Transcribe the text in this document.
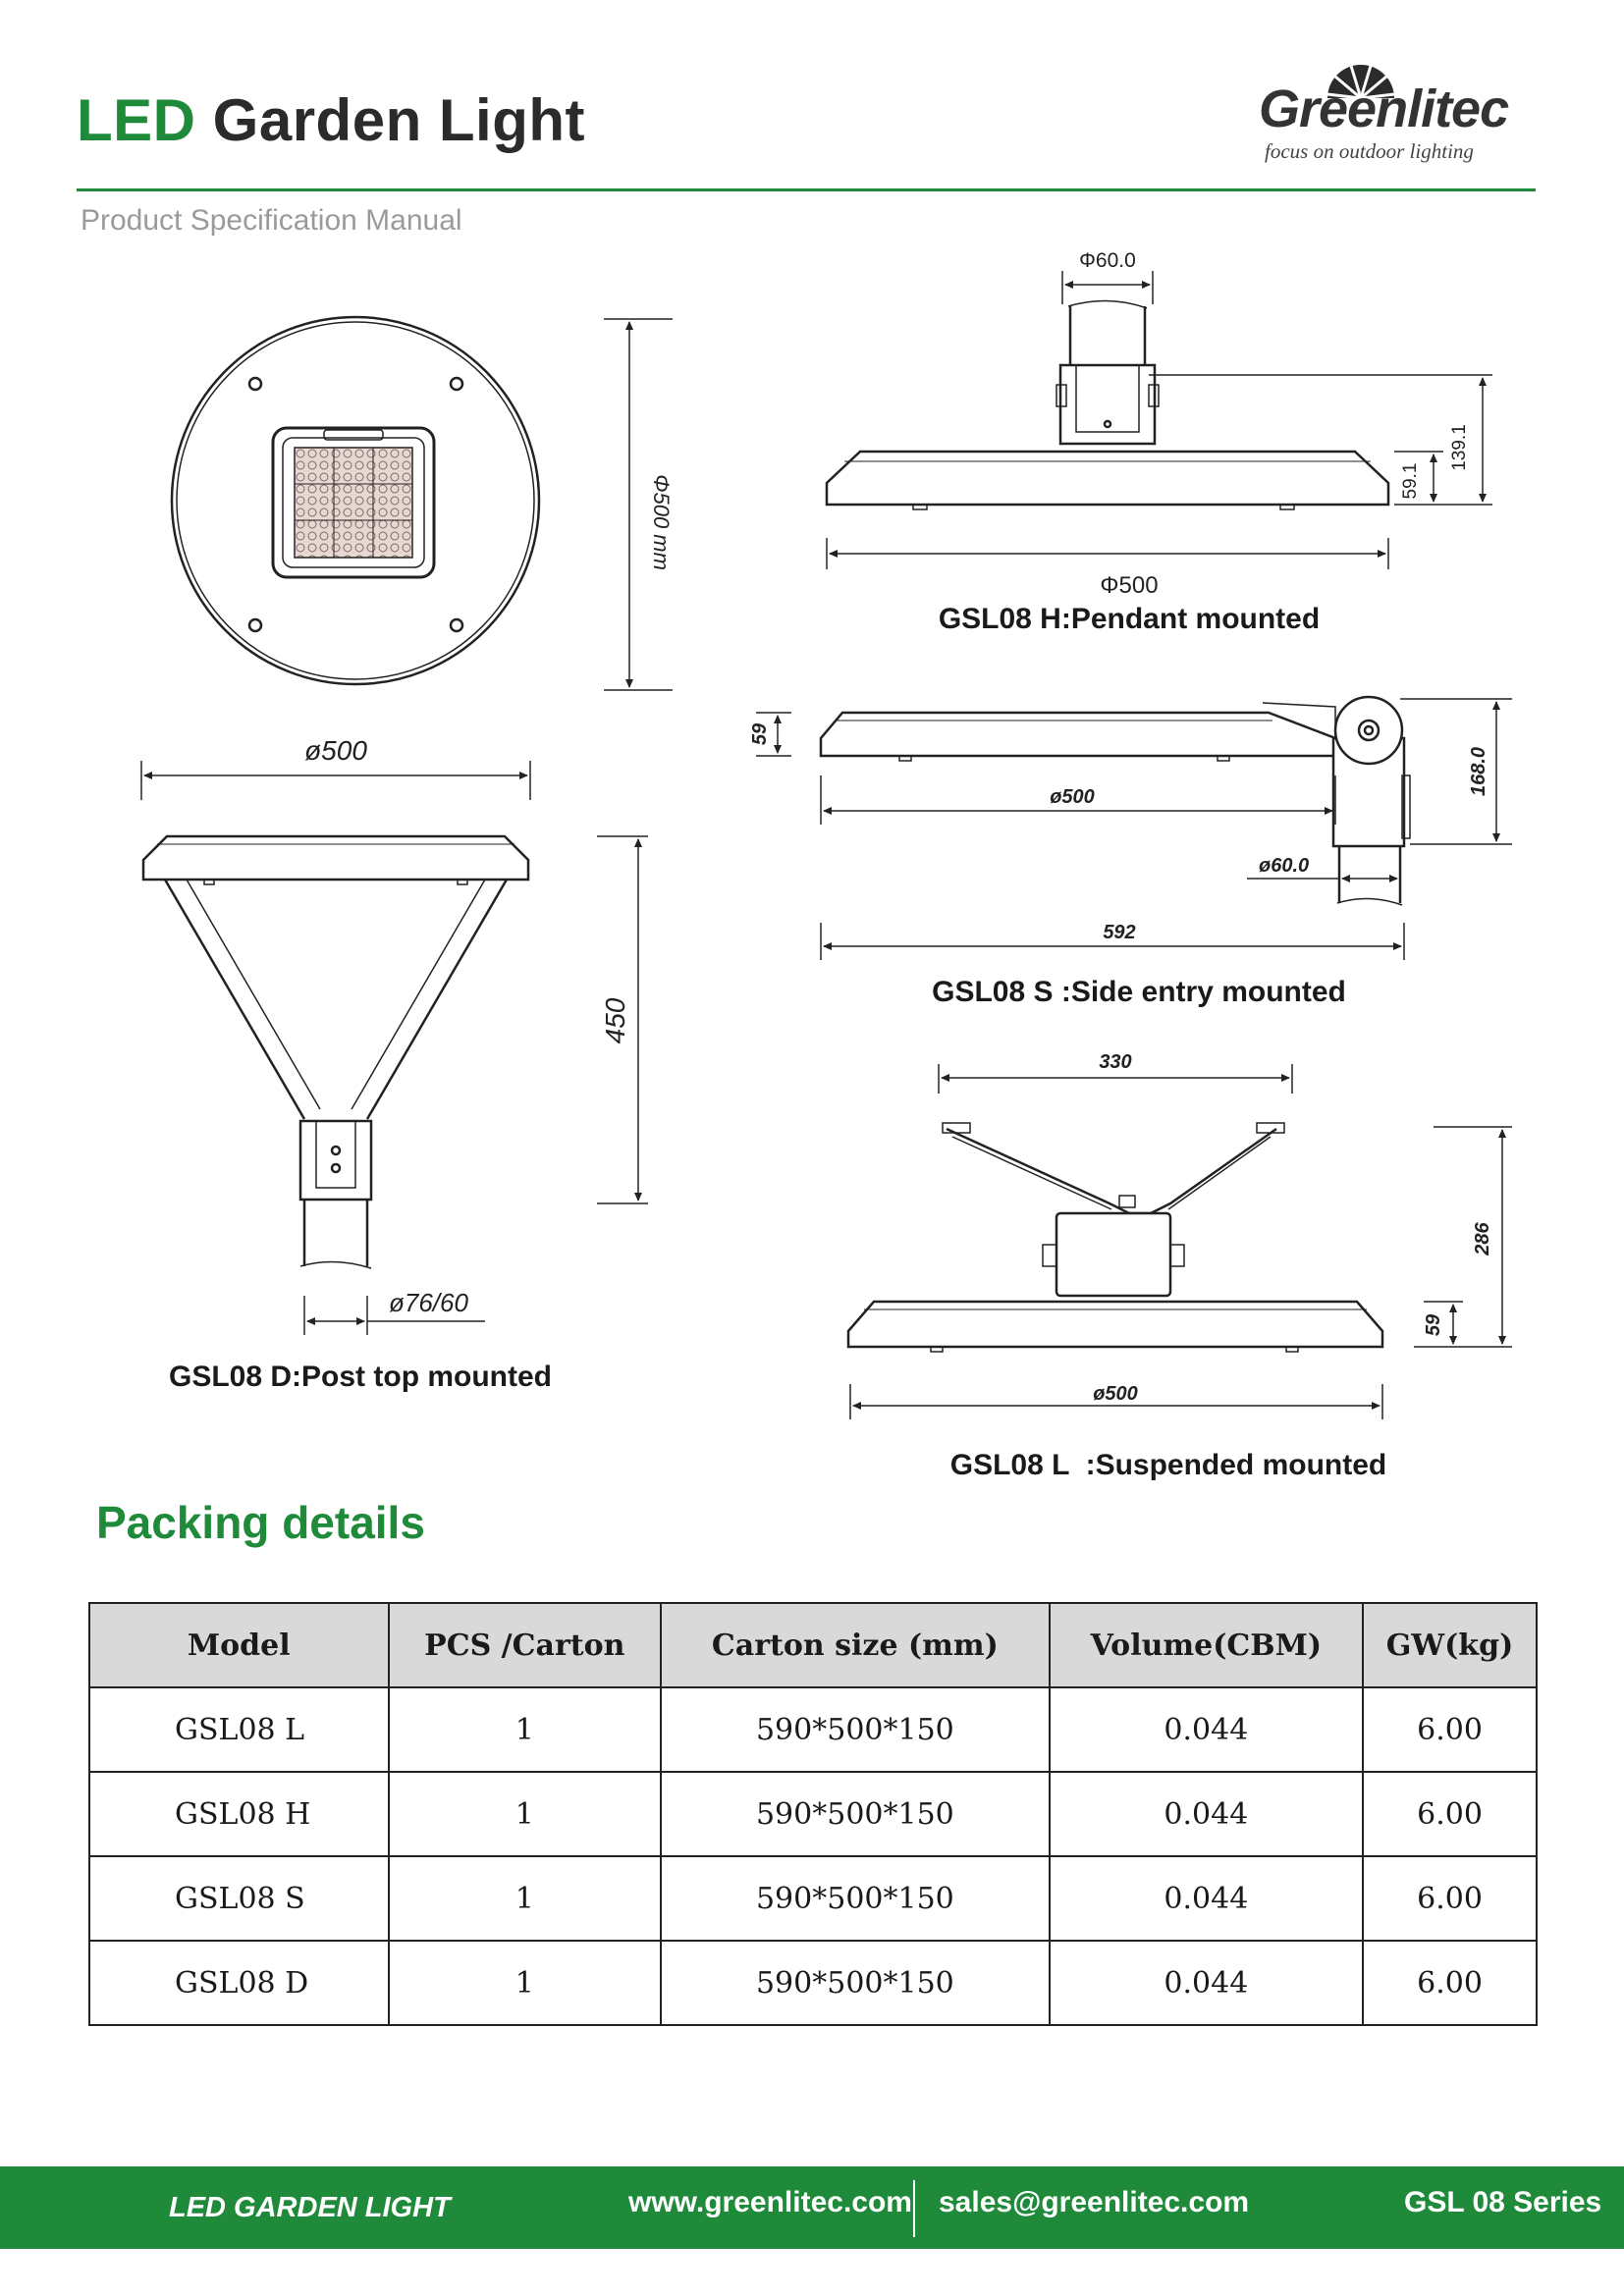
LED Garden Light	Greenlitec
focus on outdoor lighting
Product Specification Manual
Φ500 mm
ø500
450
ø76/60
GSL08 D:Post top mounted
Φ60.0
Φ500
59.1
139.1
GSL08 H:Pendant mounted
59
ø500
168.0
ø60.0
592
GSL08 S :Side entry mounted
330
286
59
ø500
GSL08 L  :Suspended mounted
Packing details
Model	PCS /Carton	Carton size (mm)	Volume(CBM)	GW(kg)
GSL08 L	1	590*500*150	0.044	6.00
GSL08 H	1	590*500*150	0.044	6.00
GSL08 S	1	590*500*150	0.044	6.00
GSL08 D	1	590*500*150	0.044	6.00
LED GARDEN LIGHT	www.greenlitec.com sales@greenlitec.com	GSL 08 Series
